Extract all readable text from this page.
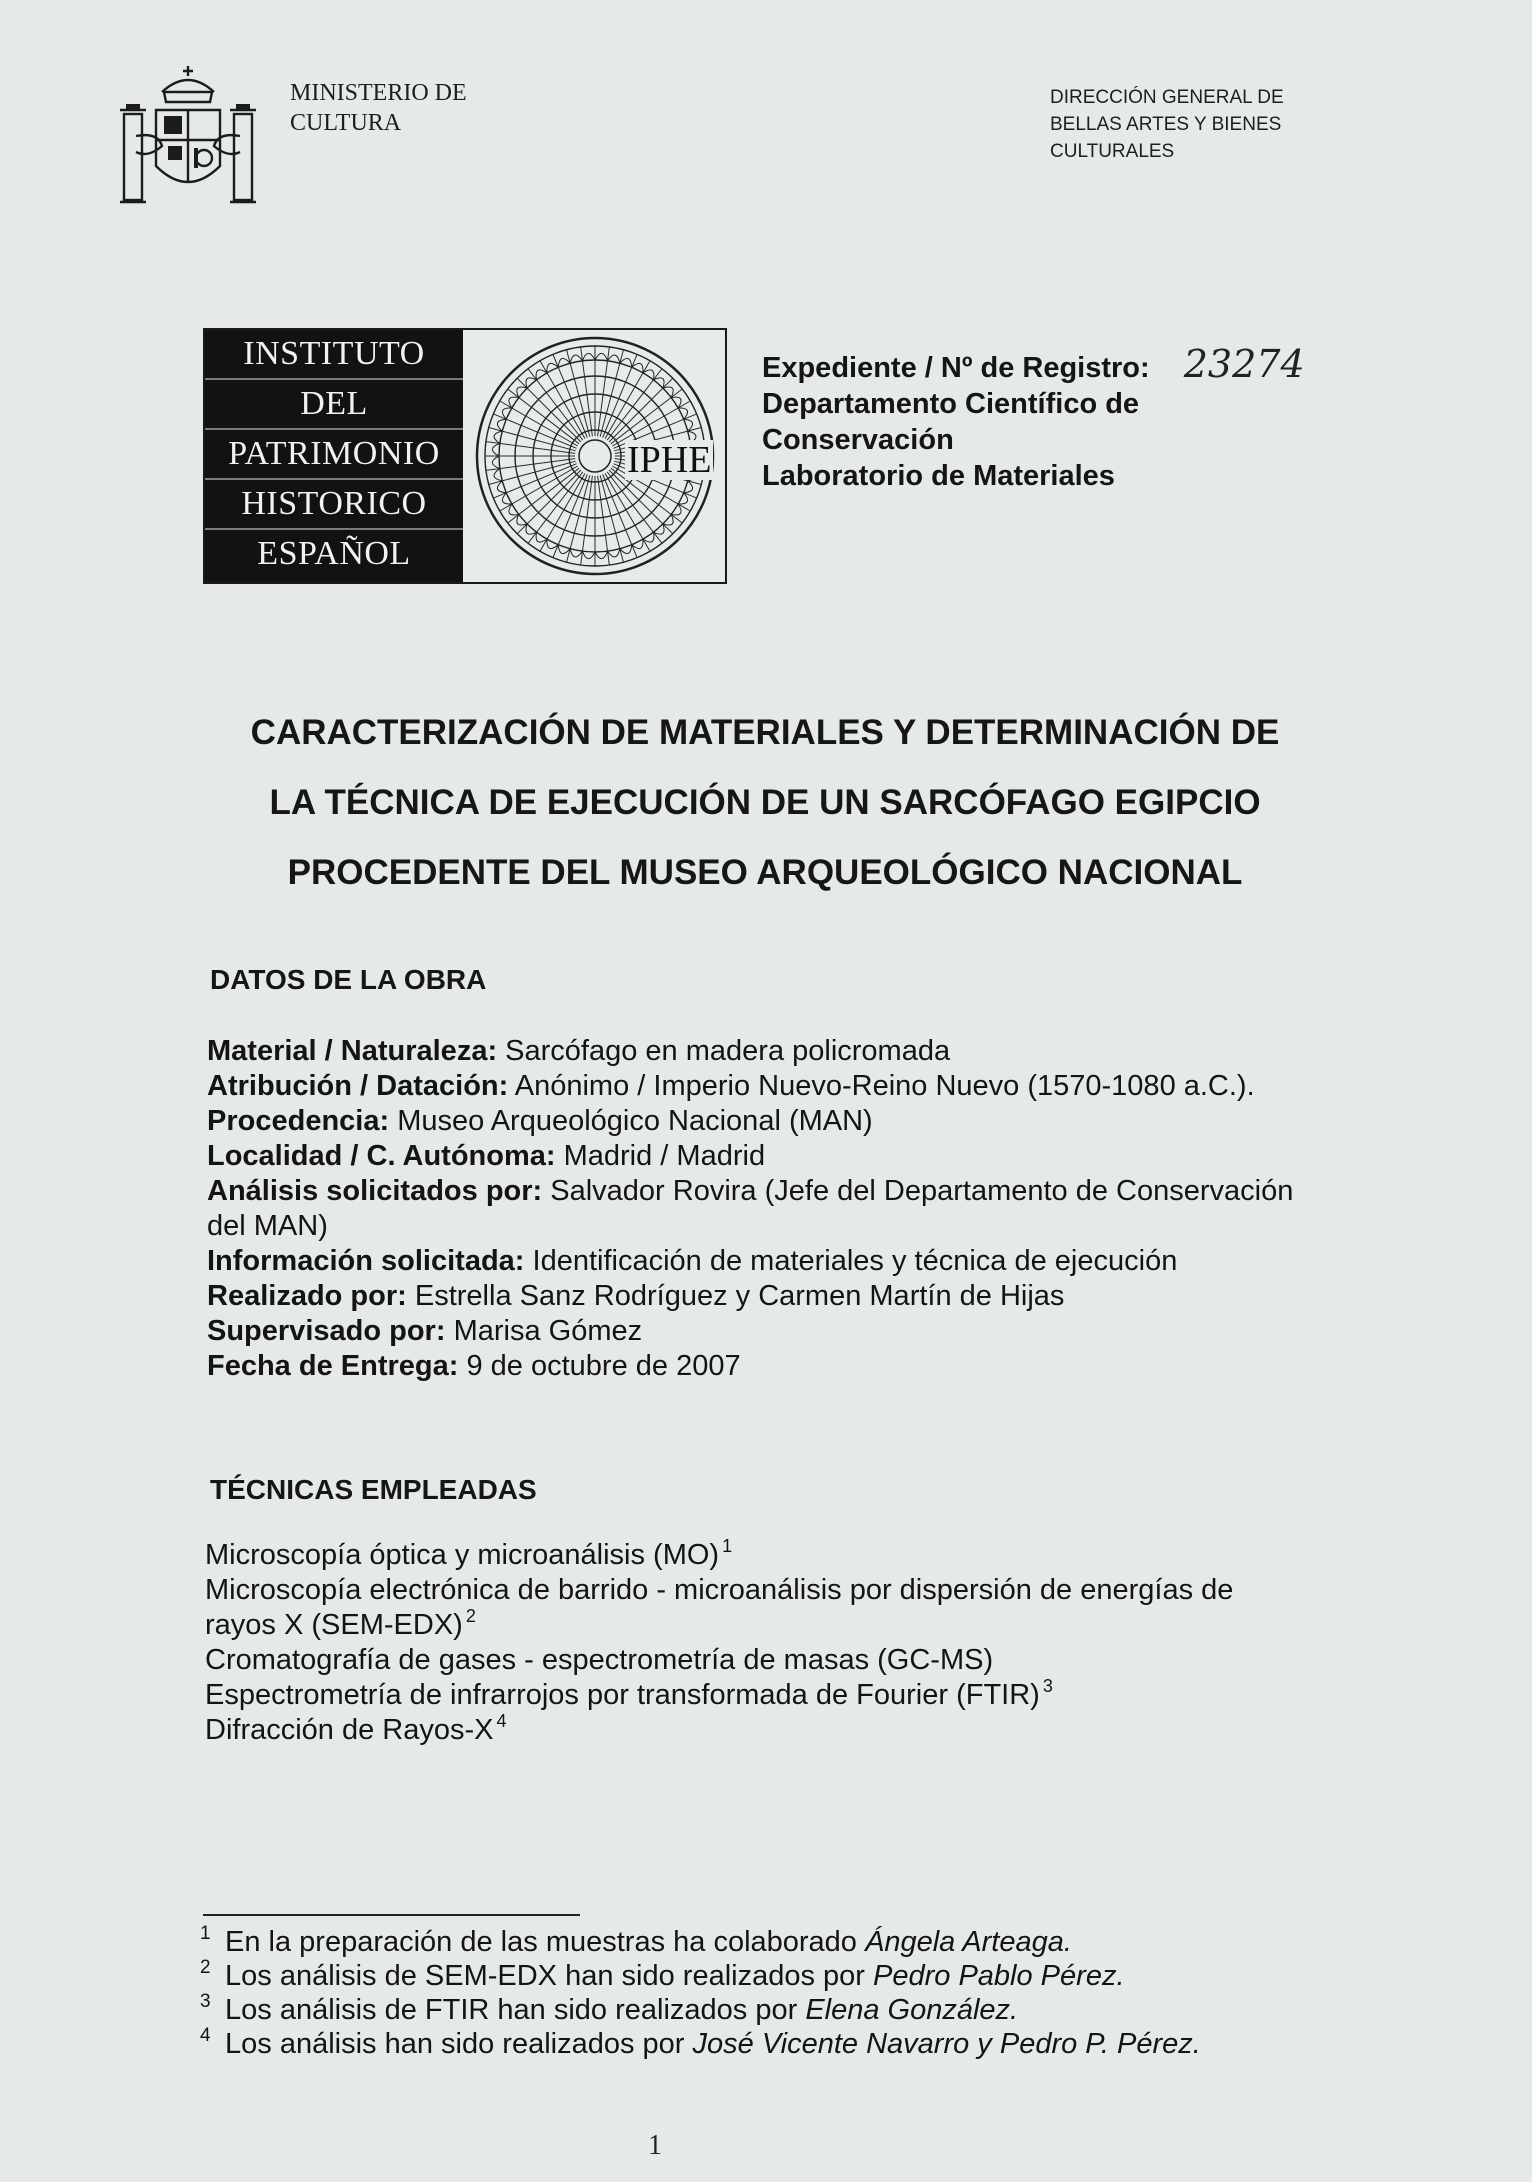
MINISTERIO DE
CULTURA
DIRECCIÓN GENERAL DE
BELLAS ARTES Y BIENES
CULTURALES
INSTITUTO
DEL
PATRIMONIO
HISTORICO
ESPAÑOL
IPHE
Expediente / Nº de Registro: 23274
Departamento Científico de
Conservación
Laboratorio de Materiales
CARACTERIZACIÓN DE MATERIALES Y DETERMINACIÓN DE
LA TÉCNICA DE EJECUCIÓN DE UN SARCÓFAGO EGIPCIO
PROCEDENTE DEL MUSEO ARQUEOLÓGICO NACIONAL
DATOS DE LA OBRA

Material / Naturaleza: Sarcófago en madera policromada

Atribución / Datación: Anónimo / Imperio Nuevo-Reino Nuevo (1570-1080 a.C.).

Procedencia: Museo Arqueológico Nacional (MAN)

Localidad / C. Autónoma: Madrid / Madrid

Análisis solicitados por: Salvador Rovira (Jefe del Departamento de Conservación del MAN)

Información solicitada: Identificación de materiales y técnica de ejecución

Realizado por: Estrella Sanz Rodríguez y Carmen Martín de Hijas

Supervisado por: Marisa Gómez

Fecha de Entrega: 9 de octubre de 2007

TÉCNICAS EMPLEADAS

Microscopía óptica y microanálisis (MO) $^1$

Microscopía electrónica de barrido - microanálisis por dispersión de energías de rayos X (SEM-EDX) $^2$

Cromatografía de gases - espectrometría de masas (GC-MS)

Espectrometría de infrarrojos por transformada de Fourier (FTIR) $^3$

Difracción de Rayos-X $^4$

1 En la preparación de las muestras ha colaborado Ángela Arteaga.

2 Los análisis de SEM-EDX han sido realizados por Pedro Pablo Pérez.

3 Los análisis de FTIR han sido realizados por Elena González.

4 Los análisis han sido realizados por José Vicente Navarro y Pedro P. Pérez.

1
